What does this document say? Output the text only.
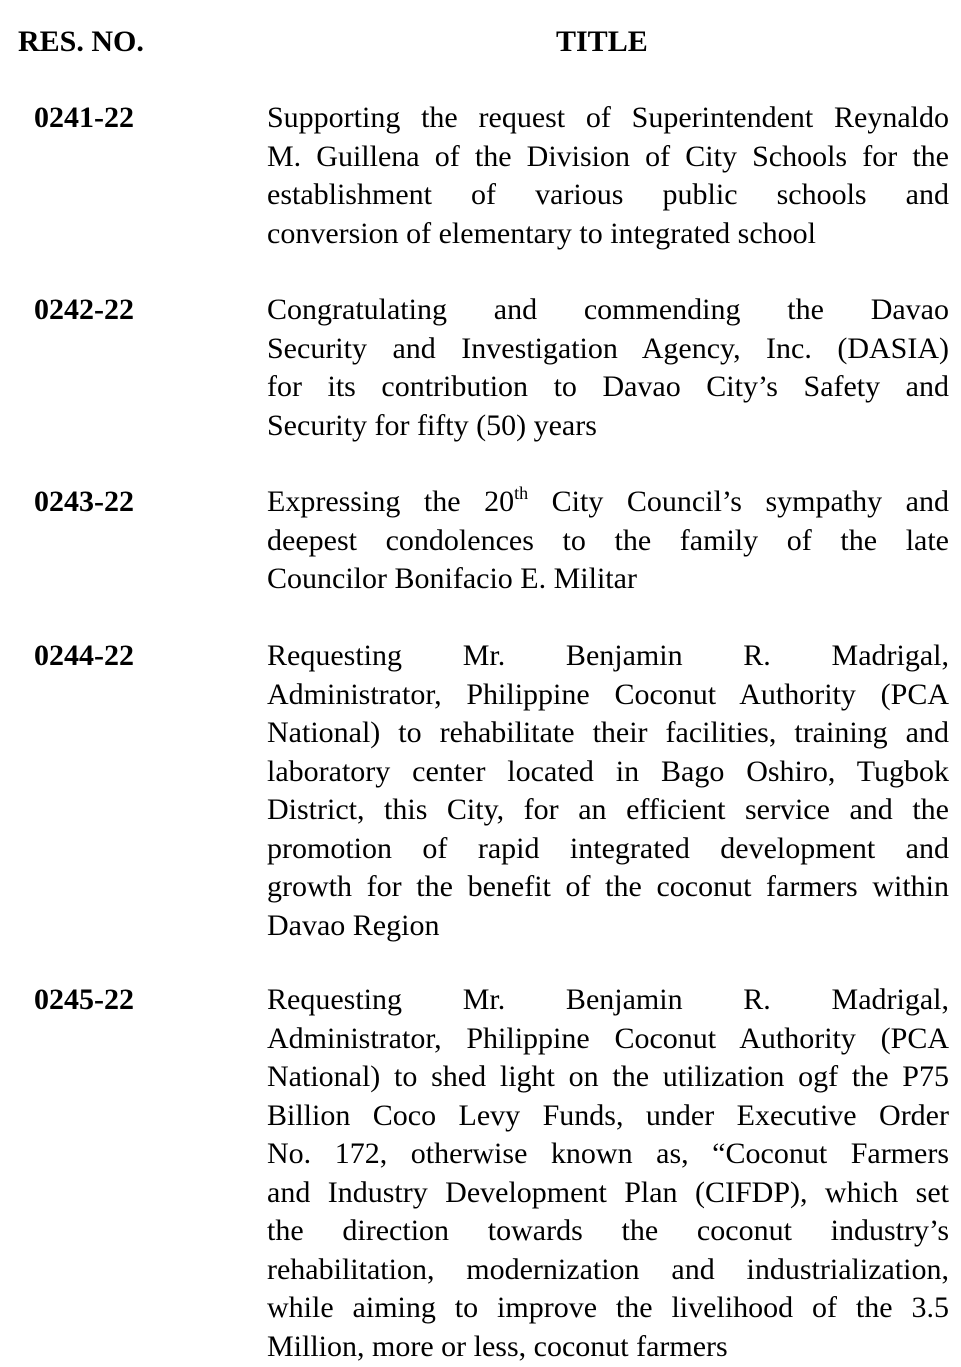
RES. NO.	TITLE
0241-22	Supporting the request of Superintendent Reynaldo
M. Guillena of the Division of City Schools for the
establishment of various public schools and
conversion of elementary to integrated school
0242-22	Congratulating and commending the Davao
Security and Investigation Agency, Inc. (DASIA)
for its contribution to Davao City’s Safety and
Security for fifty (50) years
0243-22	Expressing the 20th City Council’s sympathy and
deepest condolences to the family of the late
Councilor Bonifacio E. Militar
0244-22	Requesting Mr. Benjamin R. Madrigal,
Administrator, Philippine Coconut Authority (PCA
National) to rehabilitate their facilities, training and
laboratory center located in Bago Oshiro, Tugbok
District, this City, for an efficient service and the
promotion of rapid integrated development and
growth for the benefit of the coconut farmers within
Davao Region
0245-22	Requesting Mr. Benjamin R. Madrigal,
Administrator, Philippine Coconut Authority (PCA
National) to shed light on the utilization ogf the P75
Billion Coco Levy Funds, under Executive Order
No. 172, otherwise known as, “Coconut Farmers
and Industry Development Plan (CIFDP), which set
the direction towards the coconut industry’s
rehabilitation, modernization and industrialization,
while aiming to improve the livelihood of the 3.5
Million, more or less, coconut farmers
